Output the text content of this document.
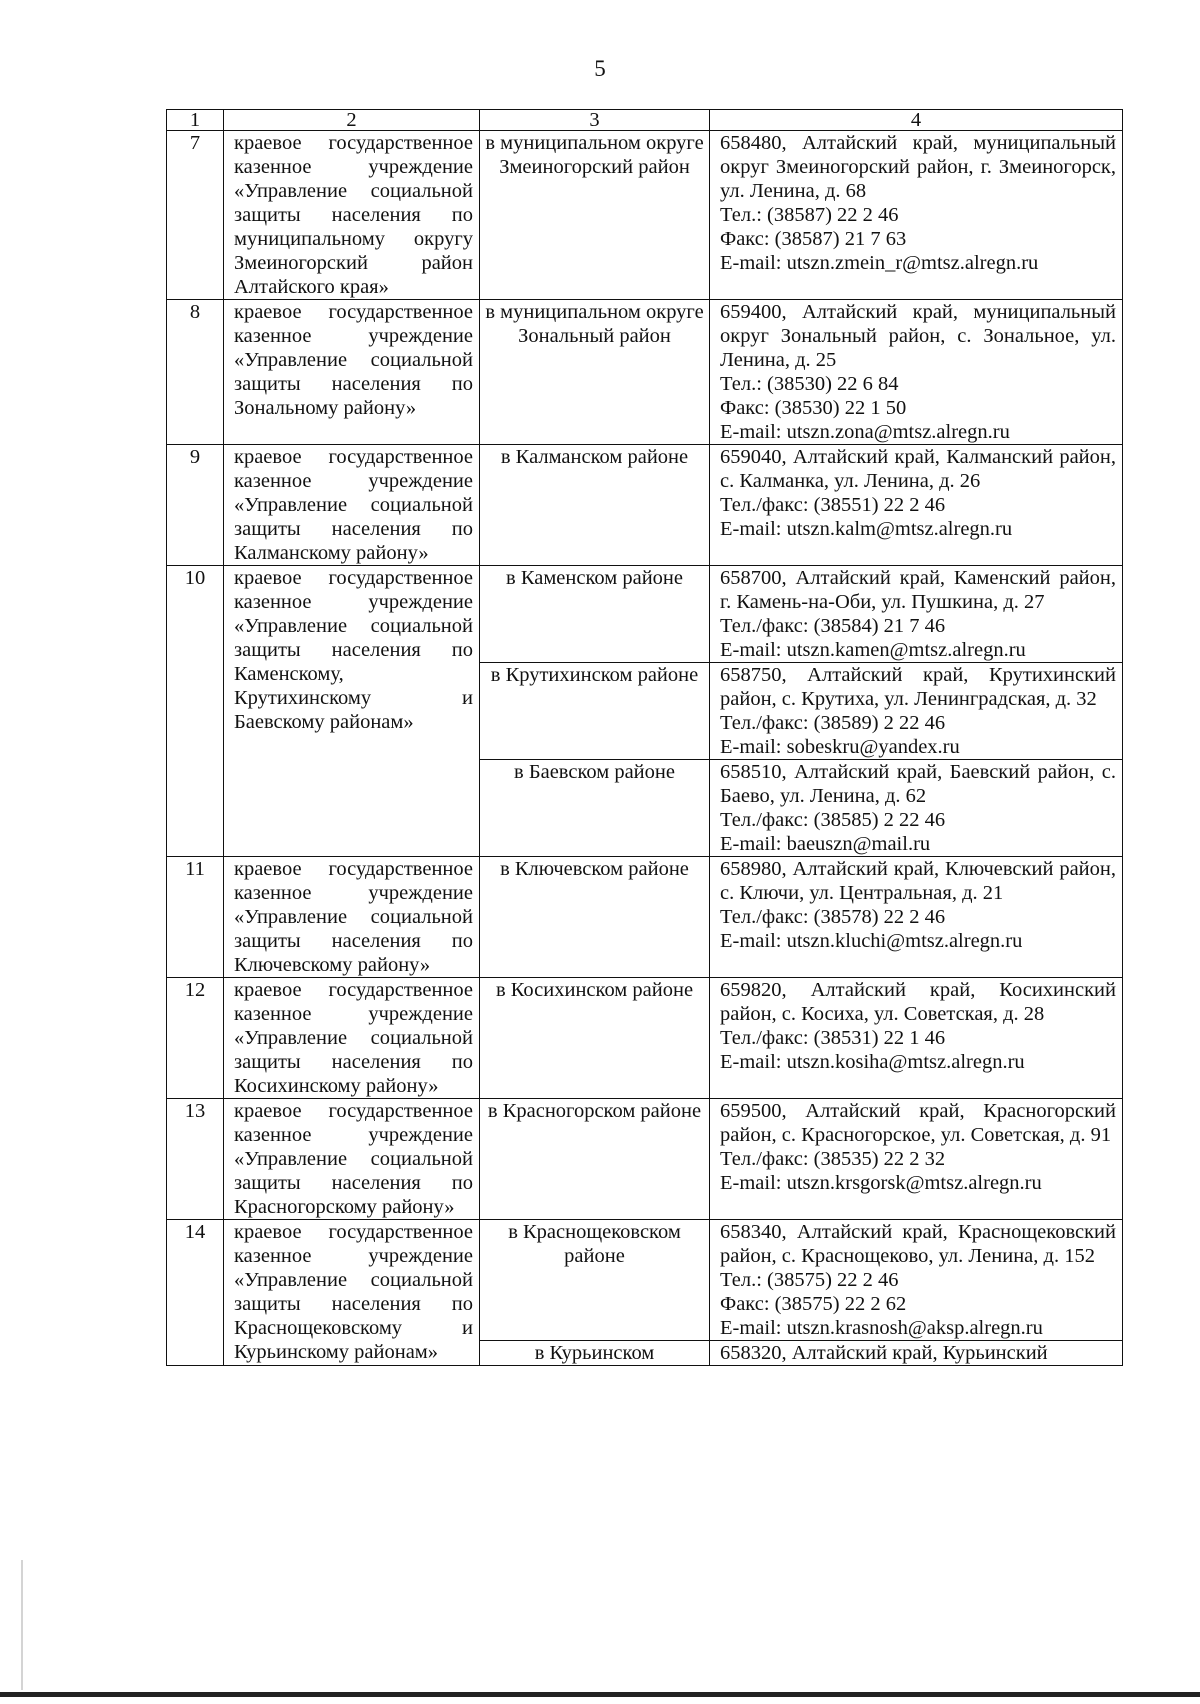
5
1	2	3	4
7	краевое государственное казенное учреждение «Управление социальной защиты населения по муниципальному округу Змеиногорский район Алтайского края»	в муниципальном округе Змеиногорский район	658480, Алтайский край, муниципальный округ Змеиногорский район, г. Змеиногорск, ул. Ленина, д. 68
Тел.: (38587) 22 2 46
Факс: (38587) 21 7 63
E-mail: utszn.zmein_r@mtsz.alregn.ru

8	краевое государственное казенное учреждение «Управление социальной защиты населения по Зональному району»	в муниципальном округе Зональный район	659400, Алтайский край, муниципальный округ Зональный район, с. Зональное, ул. Ленина, д. 25
Тел.: (38530) 22 6 84
Факс: (38530) 22 1 50
E-mail: utszn.zona@mtsz.alregn.ru

9	краевое государственное казенное учреждение «Управление социальной защиты населения по Калманскому району»	в Калманском районе	659040, Алтайский край, Калманский район, с. Калманка, ул. Ленина, д. 26
Тел./факс: (38551) 22 2 46
E-mail: utszn.kalm@mtsz.alregn.ru

10	краевое государственное казенное учреждение «Управление социальной защиты населения по Каменскому, Крутихинскому и Баевскому районам»	в Каменском районе	658700, Алтайский край, Каменский район, г. Камень-на-Оби, ул. Пушкина, д. 27
Тел./факс: (38584) 21 7 46
E-mail: utszn.kamen@mtsz.alregn.ru

		в Крутихинском районе	658750, Алтайский край, Крутихинский район, с. Крутиха, ул. Ленинградская, д. 32
Тел./факс: (38589) 2 22 46
E-mail: sobeskru@yandex.ru

		в Баевском районе	658510, Алтайский край, Баевский район, с. Баево, ул. Ленина, д. 62
Тел./факс: (38585) 2 22 46
E-mail: baeuszn@mail.ru

11	краевое государственное казенное учреждение «Управление социальной защиты населения по Ключевскому району»	в Ключевском районе	658980, Алтайский край, Ключевский район, с. Ключи, ул. Центральная, д. 21
Тел./факс: (38578) 22 2 46
E-mail: utszn.kluchi@mtsz.alregn.ru

12	краевое государственное казенное учреждение «Управление социальной защиты населения по Косихинскому району»	в Косихинском районе	659820, Алтайский край, Косихинский район, с. Косиха, ул. Советская, д. 28
Тел./факс: (38531) 22 1 46
E-mail: utszn.kosiha@mtsz.alregn.ru

13	краевое государственное казенное учреждение «Управление социальной защиты населения по Красногорскому району»	в Красногорском районе	659500, Алтайский край, Красногорский район, с. Красногорское, ул. Советская, д. 91
Тел./факс: (38535) 22 2 32
E-mail: utszn.krsgorsk@mtsz.alregn.ru

14	краевое государственное казенное учреждение «Управление социальной защиты населения по Краснощековскому и Курьинскому районам»	в Краснощековском районе	658340, Алтайский край, Краснощековский район, с. Краснощеково, ул. Ленина, д. 152
Тел.: (38575) 22 2 46
Факс: (38575) 22 2 62
E-mail: utszn.krasnosh@aksp.alregn.ru

		в Курьинском	658320, Алтайский край, Курьинский
